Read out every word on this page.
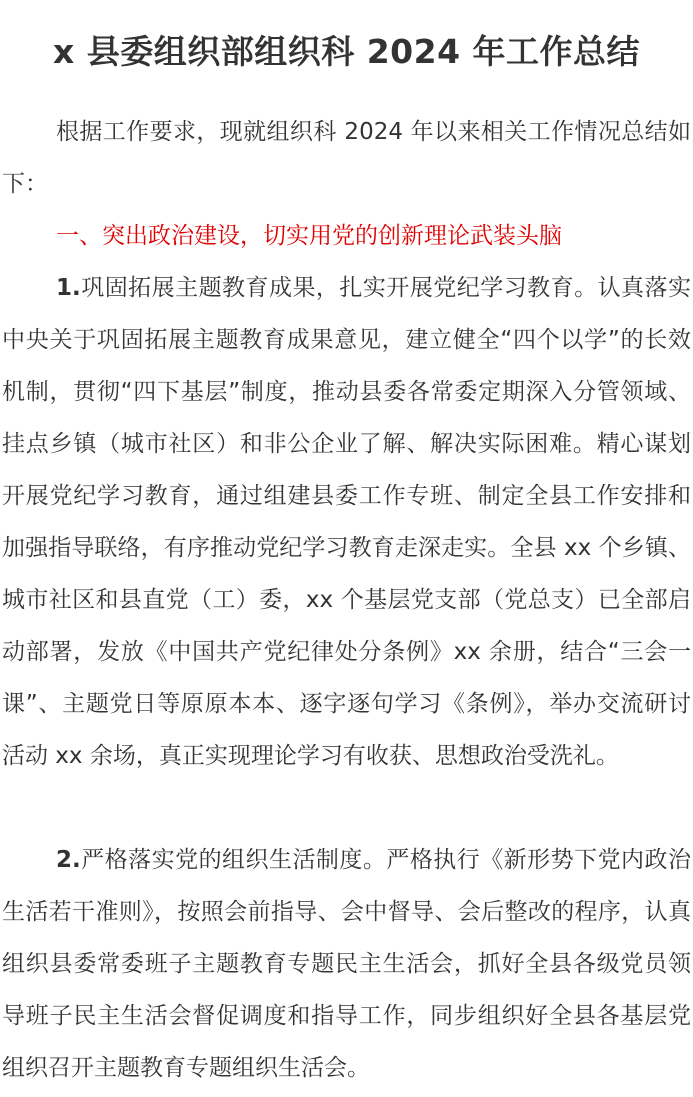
x 县委组织部组织科 2024 年工作总结

根据工作要求，现就组织科 2024 年以来相关工作情况总结如下：

一、突出政治建设，切实用党的创新理论武装头脑

1.巩固拓展主题教育成果，扎实开展党纪学习教育。认真落实中央关于巩固拓展主题教育成果意见，建立健全“四个以学”的长效机制，贯彻“四下基层”制度，推动县委各常委定期深入分管领域、挂点乡镇（城市社区）和非公企业了解、解决实际困难。精心谋划开展党纪学习教育，通过组建县委工作专班、制定全县工作安排和加强指导联络，有序推动党纪学习教育走深走实。全县 xx 个乡镇、城市社区和县直党（工）委，xx 个基层党支部（党总支）已全部启动部署，发放《中国共产党纪律处分条例》xx 余册，结合“三会一课”、主题党日等原原本本、逐字逐句学习《条例》，举办交流研讨活动 xx 余场，真正实现理论学习有收获、思想政治受洗礼。

2.严格落实党的组织生活制度。严格执行《新形势下党内政治生活若干准则》，按照会前指导、会中督导、会后整改的程序，认真组织县委常委班子主题教育专题民主生活会，抓好全县各级党员领导班子民主生活会督促调度和指导工作，同步组织好全县各基层党组织召开主题教育专题组织生活会。
